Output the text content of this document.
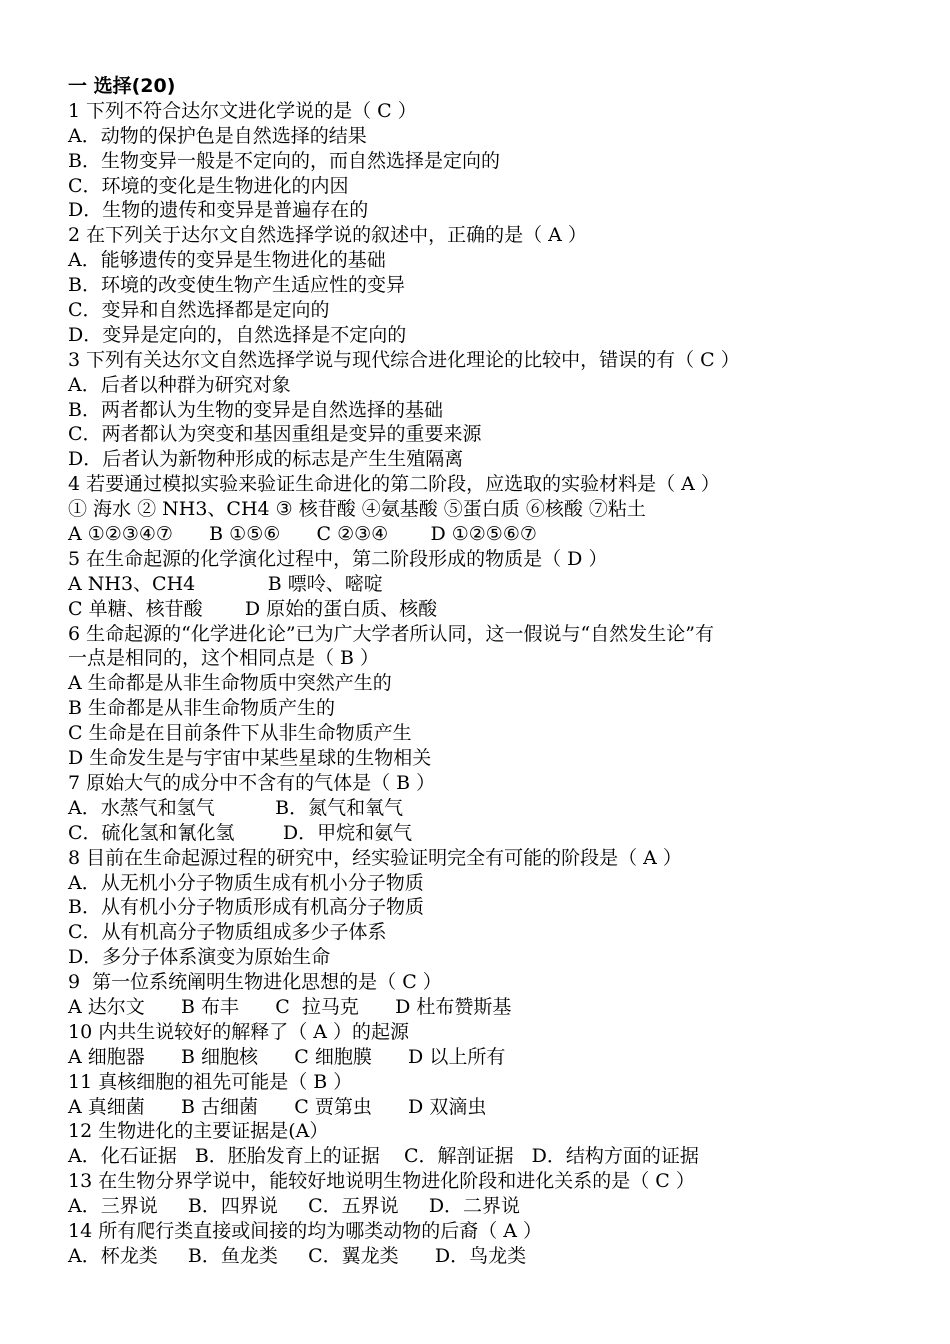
一 选择(20)
1 下列不符合达尔文进化学说的是（ C ）
A．动物的保护色是自然选择的结果
B．生物变异一般是不定向的，而自然选择是定向的
C．环境的变化是生物进化的内因
D．生物的遗传和变异是普遍存在的
2 在下列关于达尔文自然选择学说的叙述中，正确的是（ A ）
A．能够遗传的变异是生物进化的基础
B．环境的改变使生物产生适应性的变异
C．变异和自然选择都是定向的
D．变异是定向的，自然选择是不定向的
3 下列有关达尔文自然选择学说与现代综合进化理论的比较中，错误的有（ C ）
A．后者以种群为研究对象
B．两者都认为生物的变异是自然选择的基础
C．两者都认为突变和基因重组是变异的重要来源
D．后者认为新物种形成的标志是产生生殖隔离
4 若要通过模拟实验来验证生命进化的第二阶段，应选取的实验材料是（ A ）
① 海水 ② NH3、CH4 ③ 核苷酸 ④氨基酸 ⑤蛋白质 ⑥核酸 ⑦粘土
A ①②③④⑦      B ①⑤⑥      C ②③④       D ①②⑤⑥⑦
5 在生命起源的化学演化过程中，第二阶段形成的物质是（ D ）
A NH3、CH4            B 嘌呤、嘧啶
C 单糖、核苷酸       D 原始的蛋白质、核酸
6 生命起源的“化学进化论”已为广大学者所认同，这一假说与“自然发生论”有
一点是相同的，这个相同点是（ B ）
A 生命都是从非生命物质中突然产生的
B 生命都是从非生命物质产生的
C 生命是在目前条件下从非生命物质产生
D 生命发生是与宇宙中某些星球的生物相关
7 原始大气的成分中不含有的气体是（ B ）
A．水蒸气和氢气          B．氮气和氧气
C．硫化氢和氰化氢        D．甲烷和氨气
8 目前在生命起源过程的研究中，经实验证明完全有可能的阶段是（ A ）
A．从无机小分子物质生成有机小分子物质
B．从有机小分子物质形成有机高分子物质
C．从有机高分子物质组成多少子体系
D．多分子体系演变为原始生命
9  第一位系统阐明生物进化思想的是（ C ）
A 达尔文      B 布丰      C  拉马克      D 杜布赞斯基
10 内共生说较好的解释了（ A ）的起源
A 细胞器      B 细胞核      C 细胞膜      D 以上所有
11 真核细胞的祖先可能是（ B ）
A 真细菌      B 古细菌      C 贾第虫      D 双滴虫
12 生物进化的主要证据是(A）
A．化石证据   B．胚胎发育上的证据    C．解剖证据   D．结构方面的证据
13 在生物分界学说中，能较好地说明生物进化阶段和进化关系的是（ C ）
A．三界说     B．四界说     C．五界说     D．二界说
14 所有爬行类直接或间接的均为哪类动物的后裔（ A ）
A．杯龙类     B．鱼龙类     C．翼龙类      D．鸟龙类
